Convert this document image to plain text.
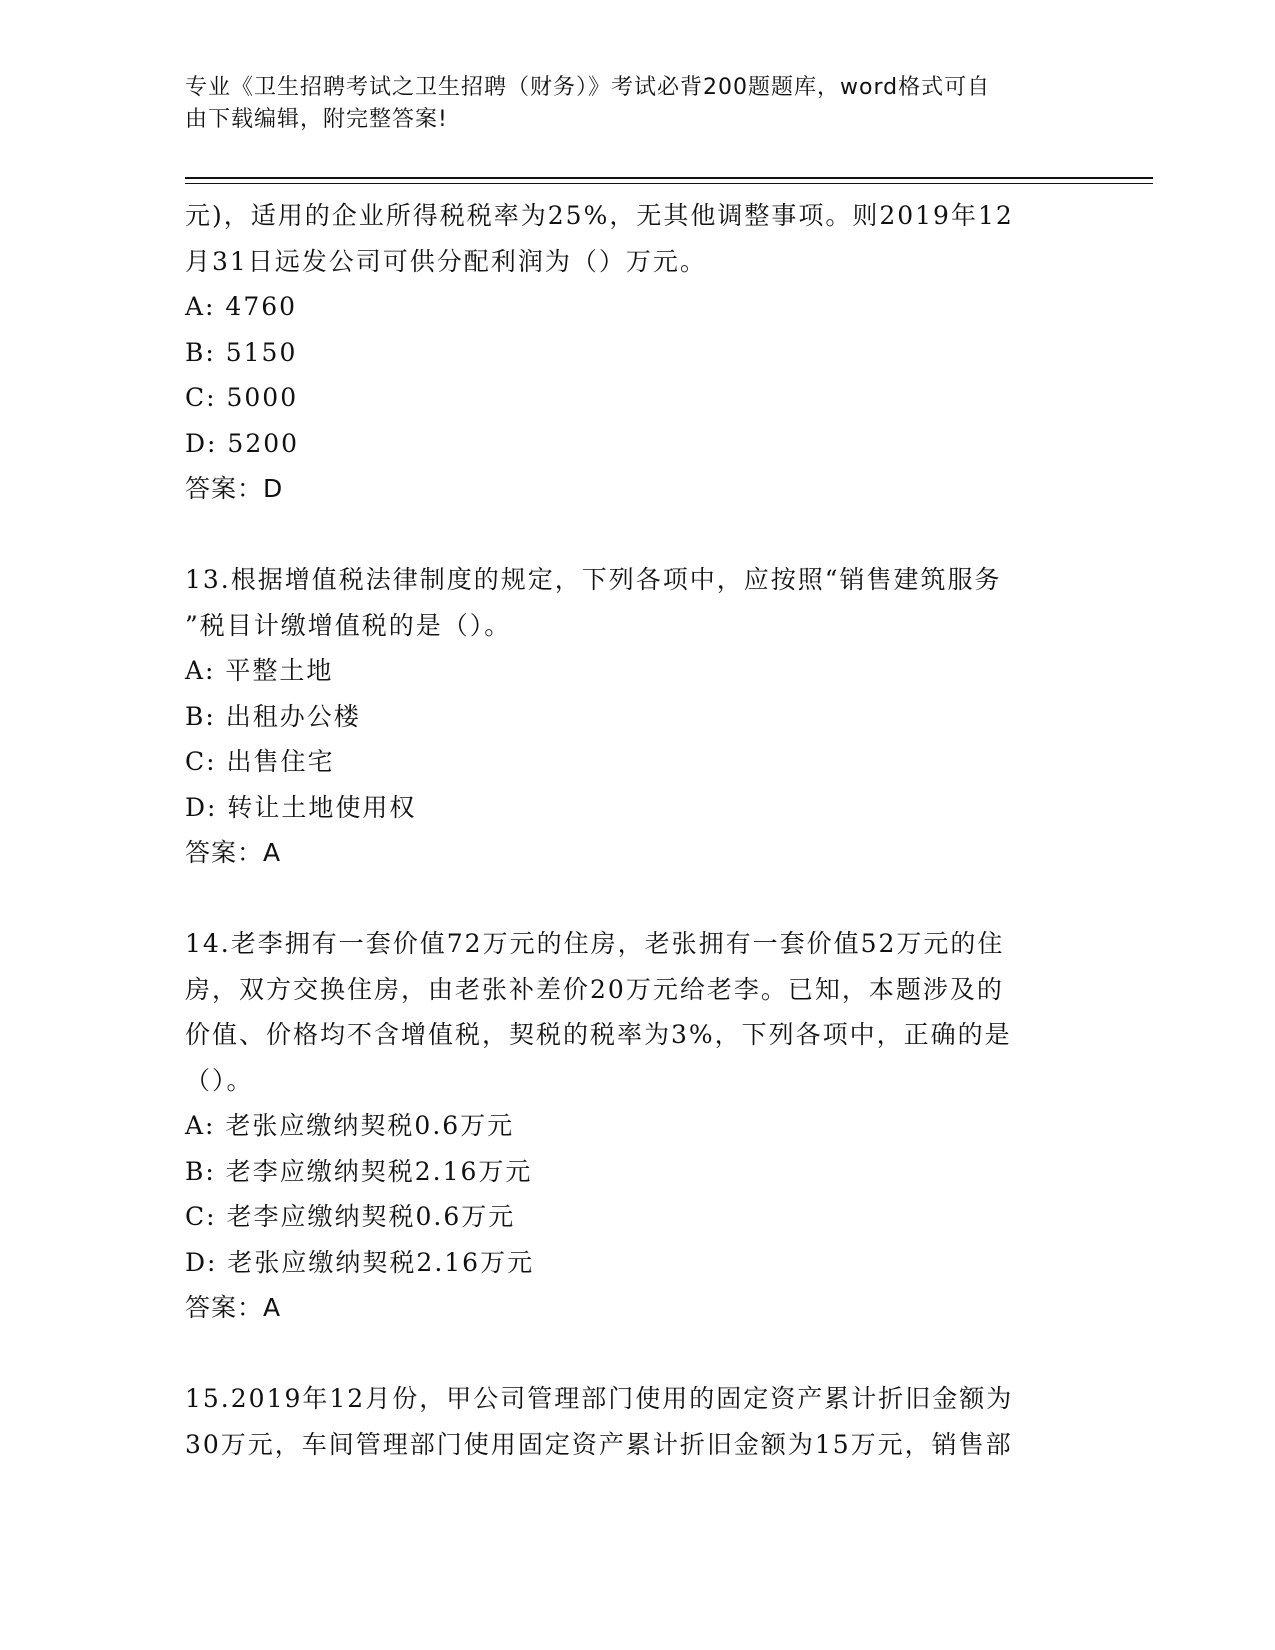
专业《卫生招聘考试之卫生招聘（财务）》考试必背200题题库，word格式可自
由下载编辑，附完整答案!
元)，适用的企业所得税税率为25%，无其他调整事项。则2019年12
月31日远发公司可供分配利润为（）万元。
A: 4760
B: 5150
C: 5000
D: 5200
答案：D
13.根据增值税法律制度的规定，下列各项中，应按照“销售建筑服务
”税目计缴增值税的是（）。
A: 平整土地
B: 出租办公楼
C: 出售住宅
D: 转让土地使用权
答案：A
14.老李拥有一套价值72万元的住房，老张拥有一套价值52万元的住
房，双方交换住房，由老张补差价20万元给老李。已知，本题涉及的
价值、价格均不含增值税，契税的税率为3%，下列各项中，正确的是
（）。
A: 老张应缴纳契税0.6万元
B: 老李应缴纳契税2.16万元
C: 老李应缴纳契税0.6万元
D: 老张应缴纳契税2.16万元
答案：A
15.2019年12月份，甲公司管理部门使用的固定资产累计折旧金额为
30万元，车间管理部门使用固定资产累计折旧金额为15万元，销售部
